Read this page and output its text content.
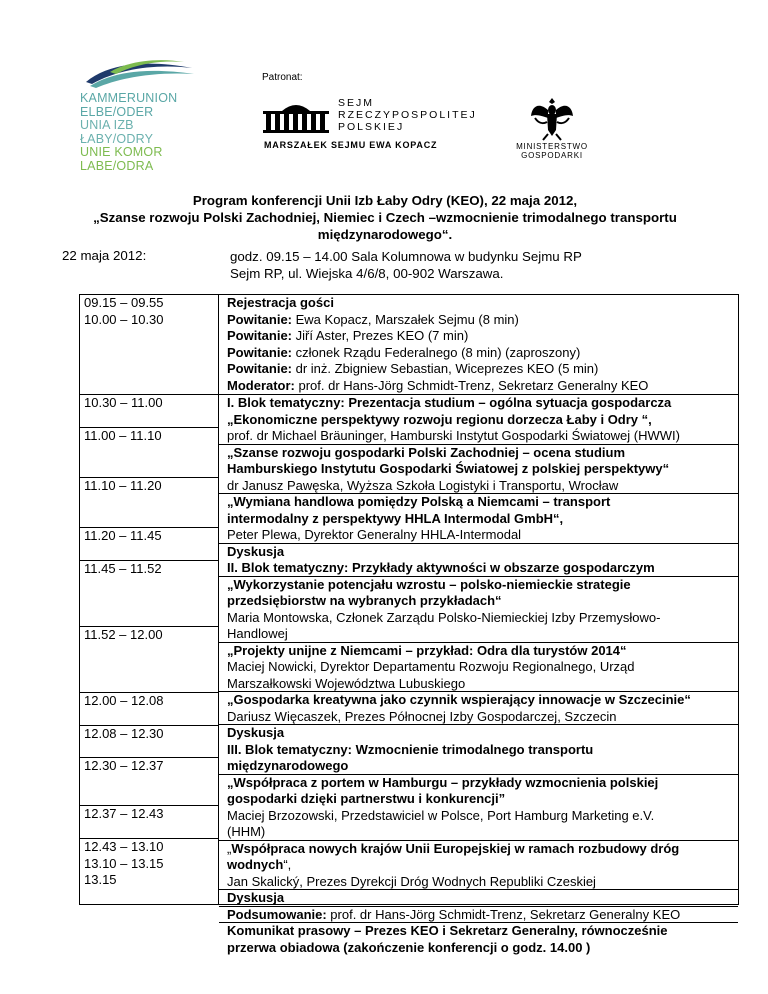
KAMMERUNION
ELBE/ODER
UNIA IZB
ŁABY/ODRY
UNIE KOMOR
LABE/ODRA
Patronat:
SEJM
RZECZYPOSPOLITEJ
POLSKIEJ
MARSZAŁEK SEJMU EWA KOPACZ	MINISTERSTWO
GOSPODARKI
Program konferencji Unii Izb Łaby Odry (KEO), 22 maja 2012,
„Szanse rozwoju Polski Zachodniej, Niemiec i Czech –wzmocnienie trimodalnego transportu
międzynarodowego“.
22 maja 2012:	godz. 09.15 – 14.00 Sala Kolumnowa w budynku Sejmu RP
Sejm RP, ul. Wiejska 4/6/8, 00-902 Warszawa.
09.15 – 09.55
10.00 – 10.30
10.30 – 11.00
11.00 – 11.10
11.10 – 11.20
11.20 – 11.45
11.45 – 11.52
11.52 – 12.00
12.00 – 12.08
12.08 – 12.30
12.30 – 12.37
12.37 – 12.43
12.43 – 13.10
13.10 – 13.15
13.15
Rejestracja gości
Powitanie: Ewa Kopacz, Marszałek Sejmu (8 min)
Powitanie: Jiří Aster, Prezes KEO (7 min)
Powitanie: członek Rządu Federalnego (8 min) (zaproszony)
Powitanie: dr inż. Zbigniew Sebastian, Wiceprezes KEO (5 min)
Moderator: prof. dr Hans-Jörg Schmidt-Trenz, Sekretarz Generalny KEO
I. Blok tematyczny: Prezentacja studium – ogólna sytuacja gospodarcza
„Ekonomiczne perspektywy rozwoju regionu dorzecza Łaby i Odry “,
prof. dr Michael Bräuninger, Hamburski Instytut Gospodarki Światowej (HWWI)
„Szanse rozwoju gospodarki Polski Zachodniej – ocena studium
Hamburskiego Instytutu Gospodarki Światowej z polskiej perspektywy“
dr Janusz Pawęska, Wyższa Szkoła Logistyki i Transportu, Wrocław
„Wymiana handlowa pomiędzy Polską a Niemcami – transport
intermodalny z perspektywy HHLA Intermodal GmbH“,
Peter Plewa, Dyrektor Generalny HHLA-Intermodal
Dyskusja
II. Blok tematyczny: Przykłady aktywności w obszarze gospodarczym
„Wykorzystanie potencjału wzrostu – polsko-niemieckie strategie
przedsiębiorstw na wybranych przykładach“
Maria Montowska, Członek Zarządu Polsko-Niemieckiej Izby Przemysłowo-
Handlowej
„Projekty unijne z Niemcami – przykład: Odra dla turystów 2014“
Maciej Nowicki, Dyrektor Departamentu Rozwoju Regionalnego, Urząd
Marszałkowski Województwa Lubuskiego
„Gospodarka kreatywna jako czynnik wspierający innowacje w Szczecinie“
Dariusz Więcaszek, Prezes Północnej Izby Gospodarczej, Szczecin
Dyskusja
III. Blok tematyczny: Wzmocnienie trimodalnego transportu
międzynarodowego
„Współpraca z portem w Hamburgu – przykłady wzmocnienia polskiej
gospodarki dzięki partnerstwu i konkurencji”
Maciej Brzozowski, Przedstawiciel w Polsce, Port Hamburg Marketing e.V.
(HHM)
„Współpraca nowych krajów Unii Europejskiej w ramach rozbudowy dróg
wodnych“,
Jan Skalický, Prezes Dyrekcji Dróg Wodnych Republiki Czeskiej
Dyskusja
Podsumowanie: prof. dr Hans-Jörg Schmidt-Trenz, Sekretarz Generalny KEO
Komunikat prasowy – Prezes KEO i Sekretarz Generalny, równocześnie
przerwa obiadowa (zakończenie konferencji o godz. 14.00 )
